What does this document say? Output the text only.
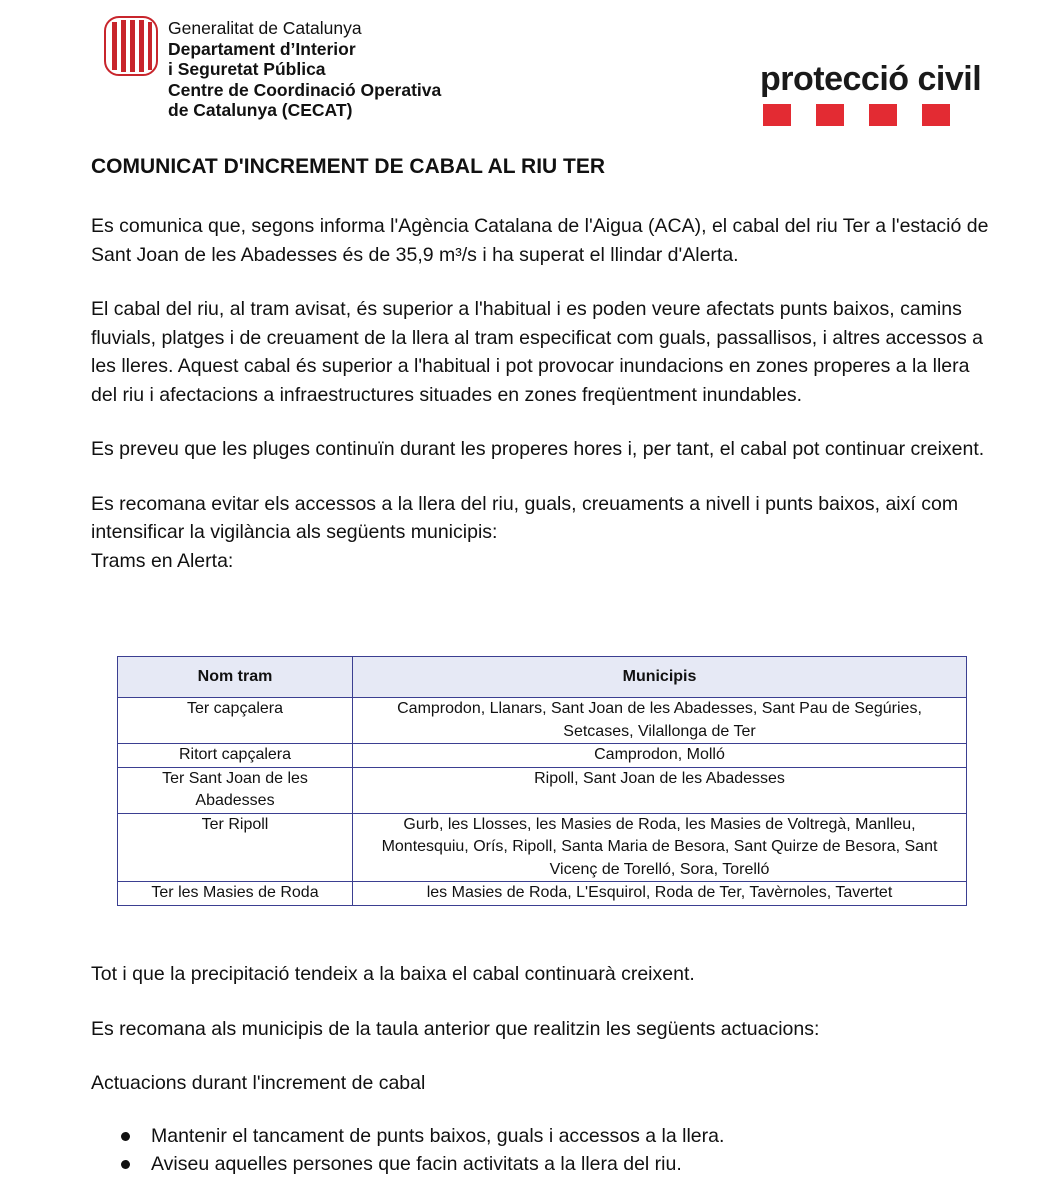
Generalitat de Catalunya
Departament d’Interior
i Seguretat Pública
Centre de Coordinació Operativa
de Catalunya (CECAT)
protecció civil
COMUNICAT D'INCREMENT DE CABAL AL RIU TER

Es comunica que, segons informa l'Agència Catalana de l'Aigua (ACA), el cabal del riu Ter a l'estació de Sant Joan de les Abadesses és de 35,9 m³/s i ha superat el llindar d'Alerta.

El cabal del riu, al tram avisat, és superior a l'habitual i es poden veure afectats punts baixos, camins fluvials, platges i de creuament de la llera al tram especificat com guals, passallisos, i altres accessos a les lleres. Aquest cabal és superior a l'habitual i pot provocar inundacions en zones properes a la llera del riu i afectacions a infraestructures situades en zones freqüentment inundables.

Es preveu que les pluges continuïn durant les properes hores i, per tant, el cabal pot continuar creixent.

Es recomana evitar els accessos a la llera del riu, guals, creuaments a nivell i punts baixos, així com intensificar la vigilància als següents municipis:

Trams en Alerta:

Nom tram	Municipis
Ter capçalera	Camprodon, Llanars, Sant Joan de les Abadesses, Sant Pau de Segúries, Setcases, Vilallonga de Ter
Ritort capçalera	Camprodon, Molló
Ter Sant Joan de les Abadesses	Ripoll, Sant Joan de les Abadesses
Ter Ripoll	Gurb, les Llosses, les Masies de Roda, les Masies de Voltregà, Manlleu, Montesquiu, Orís, Ripoll, Santa Maria de Besora, Sant Quirze de Besora, Sant Vicenç de Torelló, Sora, Torelló
Ter les Masies de Roda	les Masies de Roda, L'Esquirol, Roda de Ter, Tavèrnoles, Tavertet

Tot i que la precipitació tendeix a la baixa el cabal continuarà creixent.

Es recomana als municipis de la taula anterior que realitzin les següents actuacions:

Actuacions durant l'increment de cabal

Mantenir el tancament de punts baixos, guals i accessos a la llera.
Aviseu aquelles persones que facin activitats a la llera del riu.
